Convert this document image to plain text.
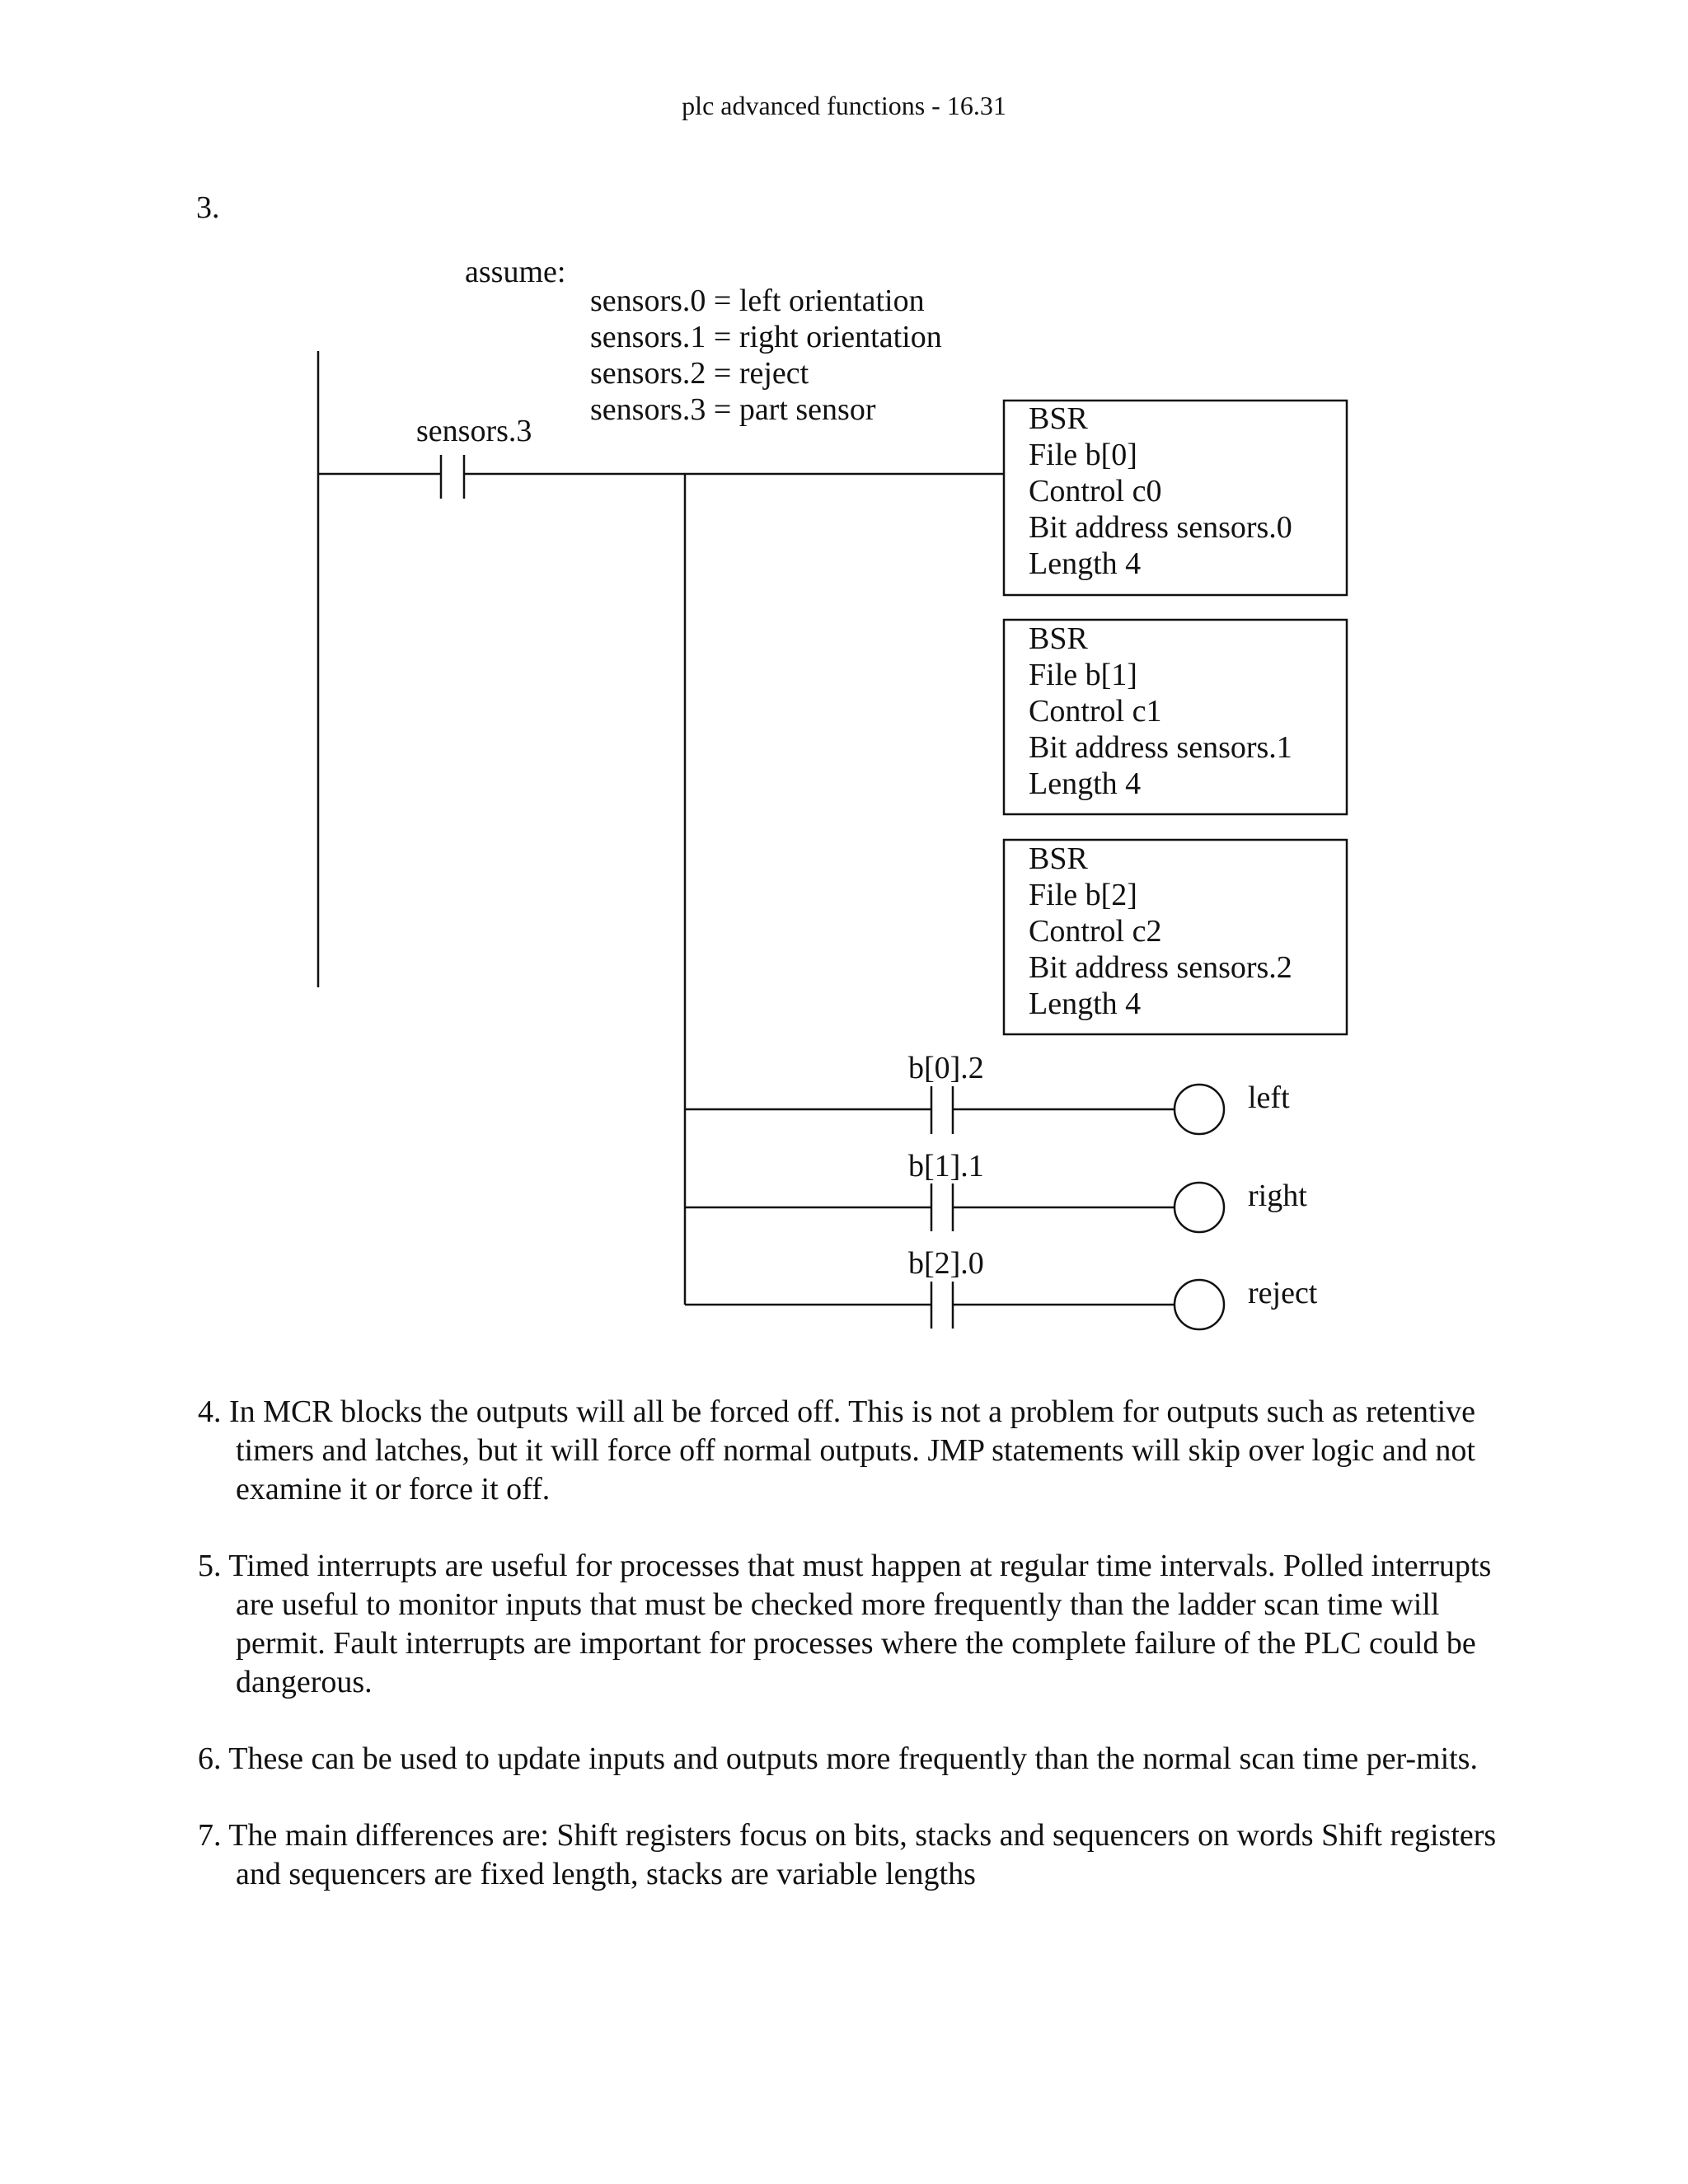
plc advanced functions - 16.31
3.
assume:
sensors.0 = left orientation
sensors.1 = right orientation
sensors.2 = reject
sensors.3 = part sensor
sensors.3	BSR
File b[0]
Control c0
Bit address sensors.0
Length 4
BSR
File b[1]
Control c1
Bit address sensors.1
Length 4
BSR
File b[2]
Control c2
Bit address sensors.2
Length 4
b[0].2
left
b[1].1
right
b[2].0
reject

4. In MCR blocks the outputs will all be forced off. This is not a problem for outputs such as retentive timers and latches, but it will force off normal outputs. JMP statements will skip over logic and not examine it or force it off.

5. Timed interrupts are useful for processes that must happen at regular time intervals. Polled interrupts are useful to monitor inputs that must be checked more frequently than the ladder scan time will permit. Fault interrupts are important for processes where the complete failure of the PLC could be dangerous.

6. These can be used to update inputs and outputs more frequently than the normal scan time per-mits.

7. The main differences are: Shift registers focus on bits, stacks and sequencers on words Shift registers and sequencers are fixed length, stacks are variable lengths
